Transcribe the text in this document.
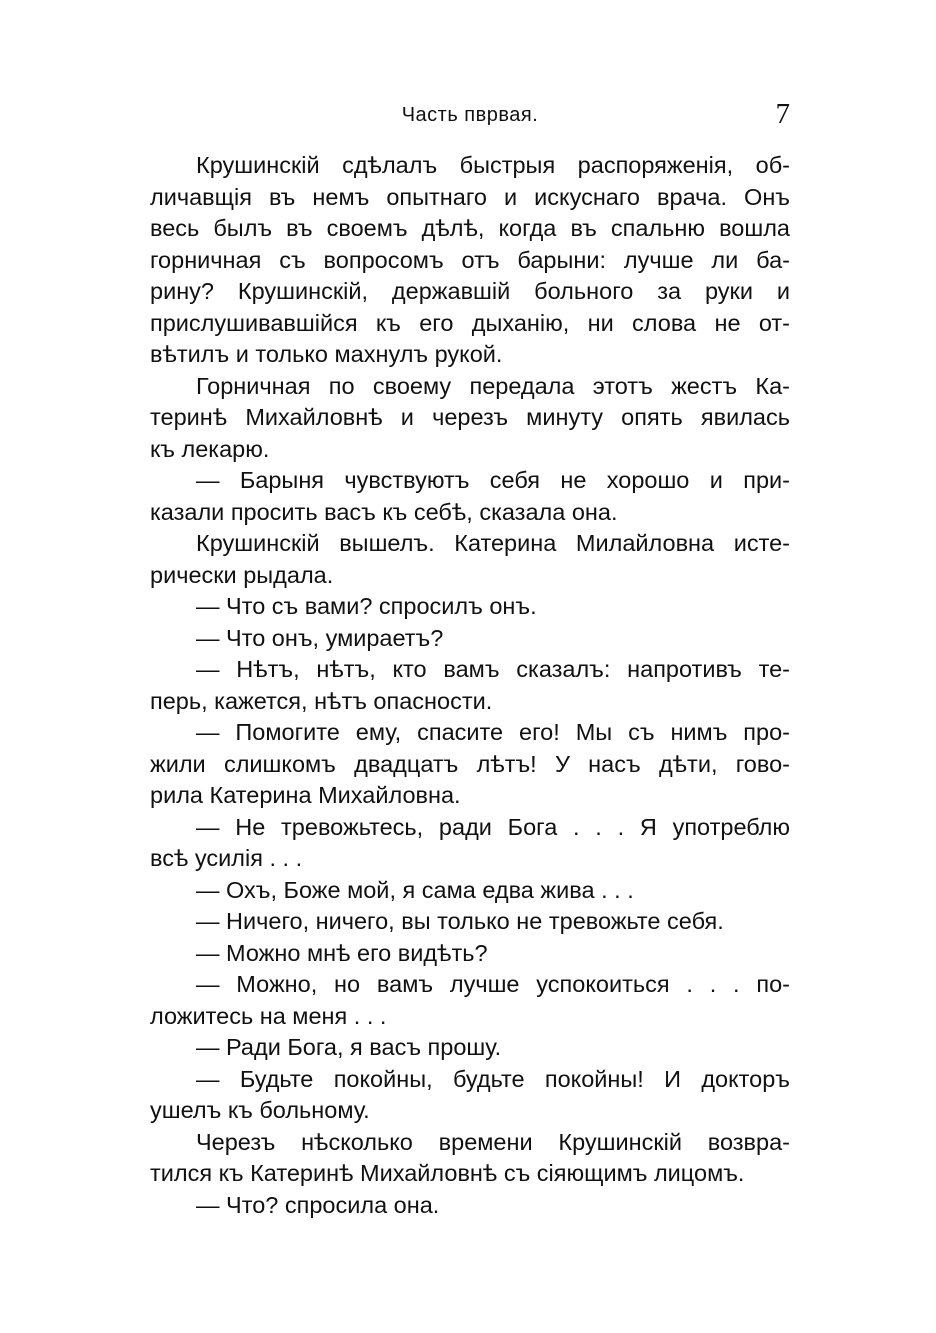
Часть пврвая.	7
Крушинскій сдѣлалъ быстрыя распоряженія, об-
личавщія въ немъ опытнаго и искуснаго врача. Онъ
весь былъ въ своемъ дѣлѣ, когда въ спальню вошла
горничная съ вопросомъ отъ барыни: лучше ли ба-
рину? Крушинскій, державшій больного за руки и
прислушивавшійся къ его дыханію, ни слова не от-
вѣтилъ и только махнулъ рукой.
Горничная по своему передала этотъ жестъ Ка-
теринѣ Михайловнѣ и черезъ минуту опять явилась
къ лекарю.
— Барыня чувствуютъ себя не хорошо и при-
казали просить васъ къ себѣ, сказала она.
Крушинскій вышелъ. Катерина Милайловна исте-
рически рыдала.
— Что съ вами? спросилъ онъ.
— Что онъ, умираетъ?
— Нѣтъ, нѣтъ, кто вамъ сказалъ: напротивъ те-
перь, кажется, нѣтъ опасности.
— Помогите ему, спасите его! Мы съ нимъ про-
жили слишкомъ двадцатъ лѣтъ! У насъ дѣти, гово-
рила Катерина Михайловна.
— Не тревожьтесь, ради Бога . . . Я употреблю
всѣ усилія . . .
— Охъ, Боже мой, я сама едва жива . . .
— Ничего, ничего, вы только не тревожьте себя.
— Можно мнѣ его видѣть?
— Можно, но вамъ лучше успокоиться . . . по-
ложитесь на меня . . .
— Ради Бога, я васъ прошу.
— Будьте покойны, будьте покойны! И докторъ
ушелъ къ больному.
Черезъ нѣсколько времени Крушинскій возвра-
тился къ Катеринѣ Михайловнѣ съ сіяющимъ лицомъ.
— Что? спросила она.
